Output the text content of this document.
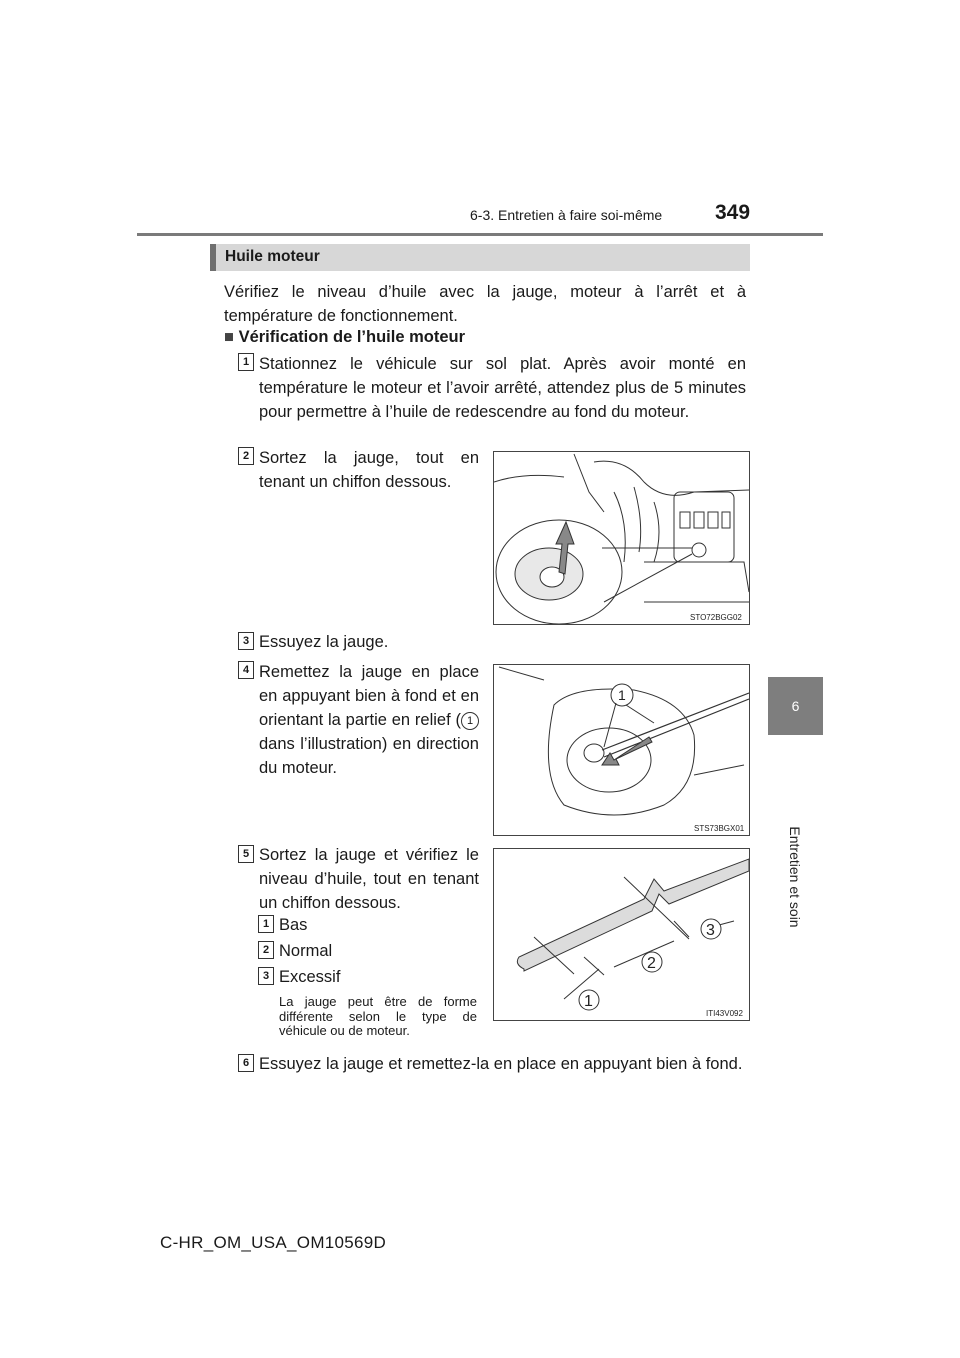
6-3. Entretien à faire soi-même	349
6
Entretien et soin
Huile moteur
Vérifiez le niveau d’huile avec la jauge, moteur à l’arrêt et à température de fonctionnement.
■ Vérification de l’huile moteur
1 Stationnez le véhicule sur sol plat. Après avoir monté en température le moteur et l’avoir arrêté, attendez plus de 5 minutes pour permettre à l’huile de redescendre au fond du moteur.
2 Sortez la jauge, tout en tenant un chiffon dessous.
STO72BGG02
3 Essuyez la jauge.
4 Remettez la jauge en place en appuyant bien à fond et en orientant la partie en relief ( 1 dans l’illustration) en direction du moteur.
1
STS73BGX01
5 Sortez la jauge et vérifiez le niveau d’huile, tout en tenant un chiffon dessous.
1 Bas
2 Normal
3 Excessif
La jauge peut être de forme différente selon le type de véhicule ou de moteur.
1
2
3
ITI43V092
6 Essuyez la jauge et remettez-la en place en appuyant bien à fond.
C-HR_OM_USA_OM10569D
